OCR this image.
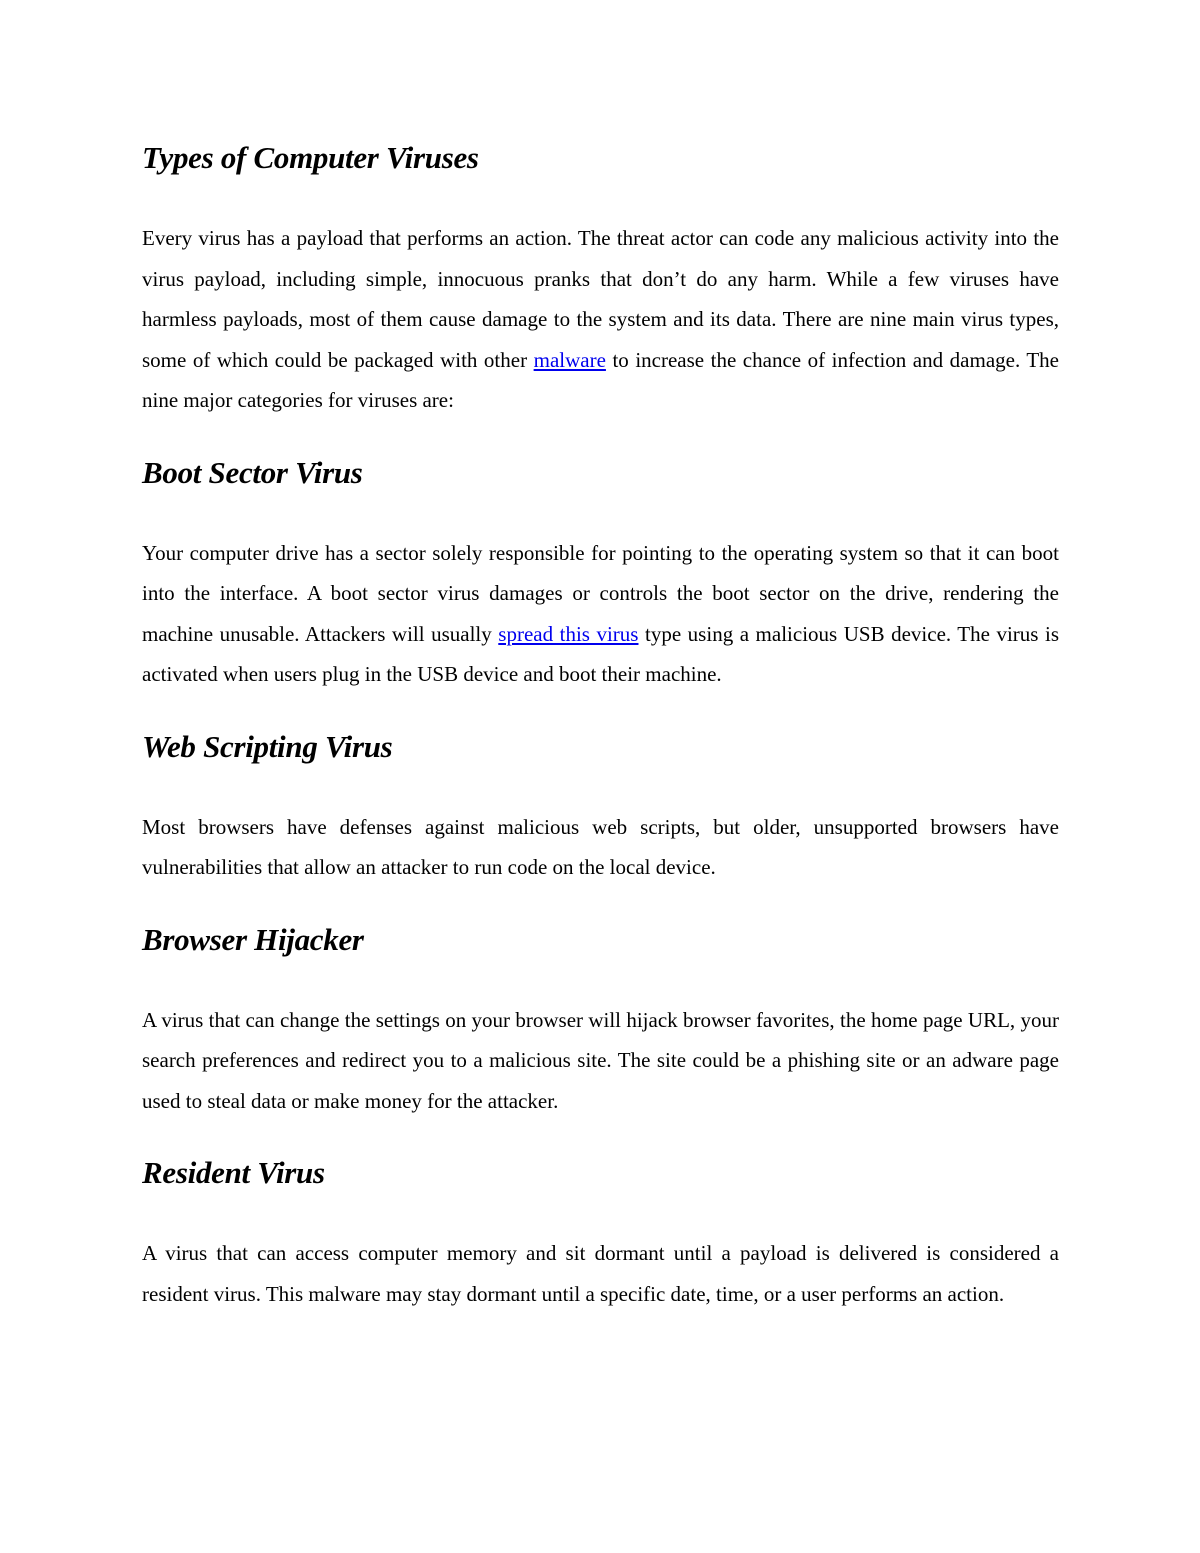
Types of Computer Viruses

Every virus has a payload that performs an action. The threat actor can code any malicious activity into the virus payload, including simple, innocuous pranks that don’t do any harm. While a few viruses have harmless payloads, most of them cause damage to the system and its data. There are nine main virus types, some of which could be packaged with other malware to increase the chance of infection and damage. The nine major categories for viruses are:

Boot Sector Virus

Your computer drive has a sector solely responsible for pointing to the operating system so that it can boot into the interface. A boot sector virus damages or controls the boot sector on the drive, rendering the machine unusable. Attackers will usually spread this virus type using a malicious USB device. The virus is activated when users plug in the USB device and boot their machine.

Web Scripting Virus

Most browsers have defenses against malicious web scripts, but older, unsupported browsers have vulnerabilities that allow an attacker to run code on the local device.

Browser Hijacker

A virus that can change the settings on your browser will hijack browser favorites, the home page URL, your search preferences and redirect you to a malicious site. The site could be a phishing site or an adware page used to steal data or make money for the attacker.

Resident Virus

A virus that can access computer memory and sit dormant until a payload is delivered is considered a resident virus. This malware may stay dormant until a specific date, time, or a user performs an action.
